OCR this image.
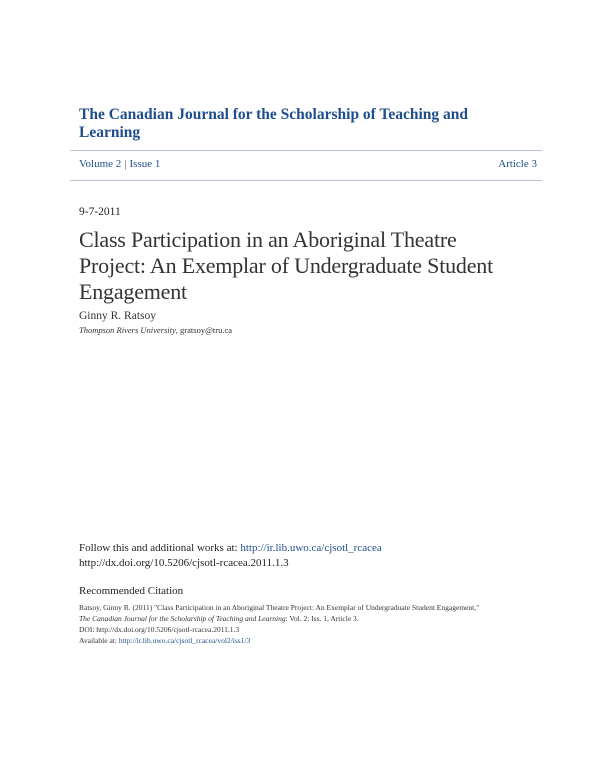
The Canadian Journal for the Scholarship of Teaching and Learning
Volume 2 | Issue 1	Article 3
9-7-2011
Class Participation in an Aboriginal Theatre Project: An Exemplar of Undergraduate Student Engagement
Ginny R. Ratsoy
Thompson Rivers University, gratsoy@tru.ca
Follow this and additional works at: http://ir.lib.uwo.ca/cjsotl_rcacea
http://dx.doi.org/10.5206/cjsotl-rcacea.2011.1.3
Recommended Citation
Ratsoy, Ginny R. (2011) "Class Participation in an Aboriginal Theatre Project: An Exemplar of Undergraduate Student Engagement,"
The Canadian Journal for the Scholarship of Teaching and Learning: Vol. 2: Iss. 1, Article 3.
DOI: http://dx.doi.org/10.5206/cjsotl-rcacea.2011.1.3
Available at: http://ir.lib.uwo.ca/cjsotl_rcacea/vol2/iss1/3
